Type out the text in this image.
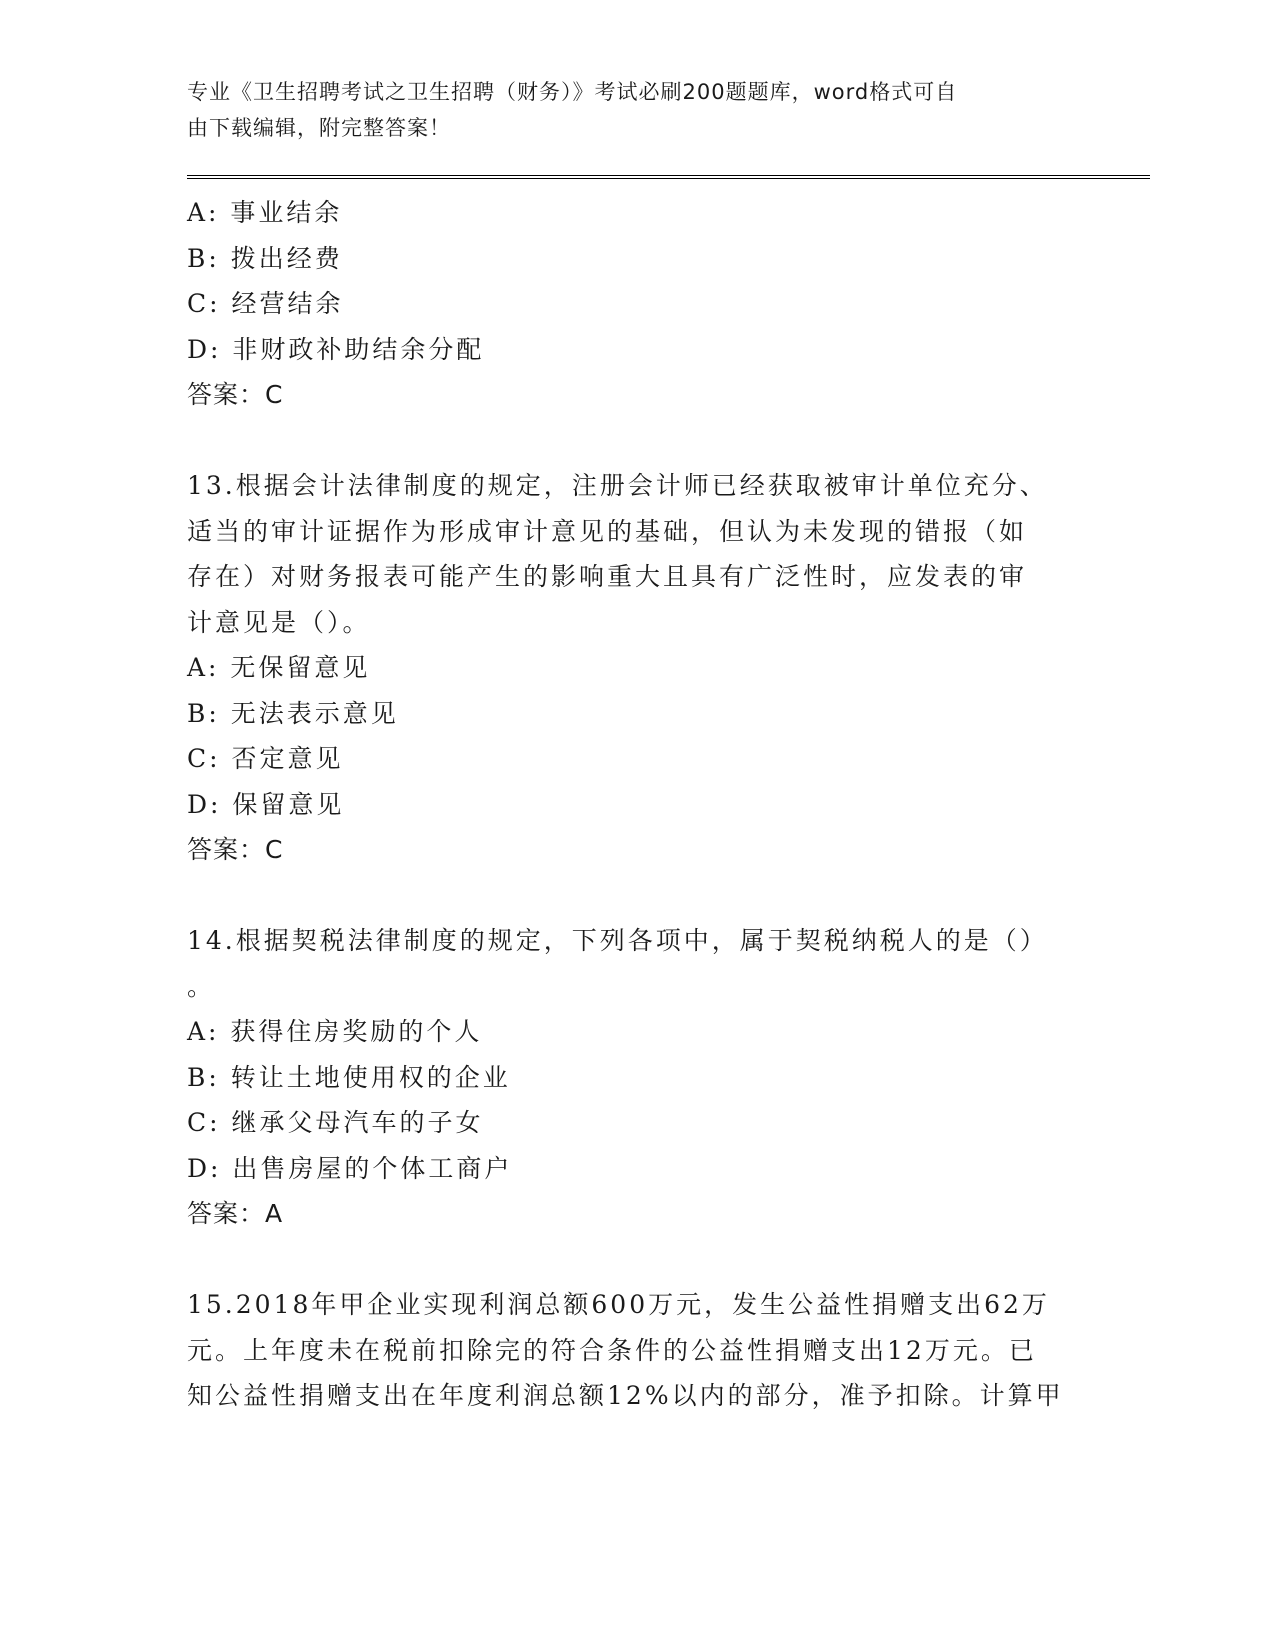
专业《卫生招聘考试之卫生招聘（财务）》考试必刷200题题库，word格式可自
由下载编辑，附完整答案！
A: 事业结余
B: 拨出经费
C: 经营结余
D: 非财政补助结余分配
答案：C
13.根据会计法律制度的规定，注册会计师已经获取被审计单位充分、
适当的审计证据作为形成审计意见的基础，但认为未发现的错报（如
存在）对财务报表可能产生的影响重大且具有广泛性时，应发表的审
计意见是（）。
A: 无保留意见
B: 无法表示意见
C: 否定意见
D: 保留意见
答案：C
14.根据契税法律制度的规定，下列各项中，属于契税纳税人的是（）
。
A: 获得住房奖励的个人
B: 转让土地使用权的企业
C: 继承父母汽车的子女
D: 出售房屋的个体工商户
答案：A
15.2018年甲企业实现利润总额600万元，发生公益性捐赠支出62万
元。上年度未在税前扣除完的符合条件的公益性捐赠支出12万元。已
知公益性捐赠支出在年度利润总额12%以内的部分，准予扣除。计算甲
